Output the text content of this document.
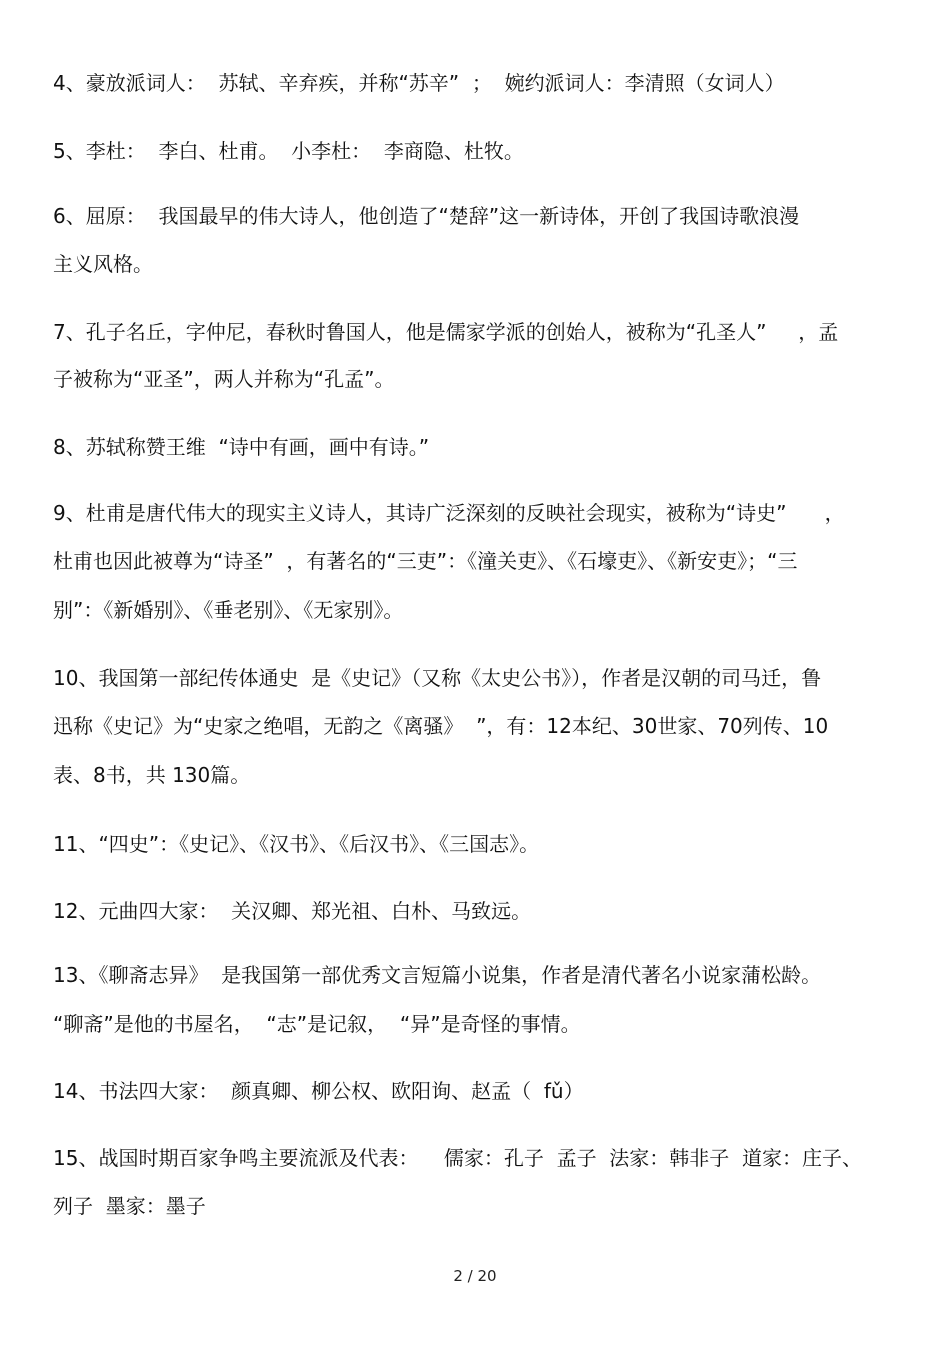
4、豪放派词人：  苏轼、辛弃疾，并称“苏辛”  ；  婉约派词人：李清照（女词人）
5、李杜：  李白、杜甫。  小李杜：  李商隐、杜牧。
6、屈原：  我国最早的伟大诗人，他创造了“楚辞”这一新诗体，开创了我国诗歌浪漫
主义风格。
7、孔子名丘，字仲尼，春秋时鲁国人，他是儒家学派的创始人，被称为“孔圣人”     ，孟
子被称为“亚圣”，两人并称为“孔孟”。
8、苏轼称赞王维  “诗中有画，画中有诗。”
9、杜甫是唐代伟大的现实主义诗人，其诗广泛深刻的反映社会现实，被称为“诗史”      ，
杜甫也因此被尊为“诗圣”  ，有著名的“三吏”：《潼关吏》、《石壕吏》、《新安吏》；“三
别”：《新婚别》、《垂老别》、《无家别》。
10、我国第一部纪传体通史  是《史记》（又称《太史公书》），作者是汉朝的司马迁，鲁
迅称《史记》为“史家之绝唱，无韵之《离骚》  ”，有：12本纪、30世家、70列传、10
表、8书，共 130篇。
11、“四史”：《史记》、《汉书》、《后汉书》、《三国志》。
12、元曲四大家：  关汉卿、郑光祖、白朴、马致远。
13、《聊斋志异》  是我国第一部优秀文言短篇小说集，作者是清代著名小说家蒲松龄。
“聊斋”是他的书屋名，  “志”是记叙，  “异”是奇怪的事情。
14、书法四大家：  颜真卿、柳公权、欧阳询、赵孟（  fǔ）
15、战国时期百家争鸣主要流派及代表：    儒家：孔子  孟子  法家：韩非子  道家：庄子、
列子  墨家：墨子
2 / 20
